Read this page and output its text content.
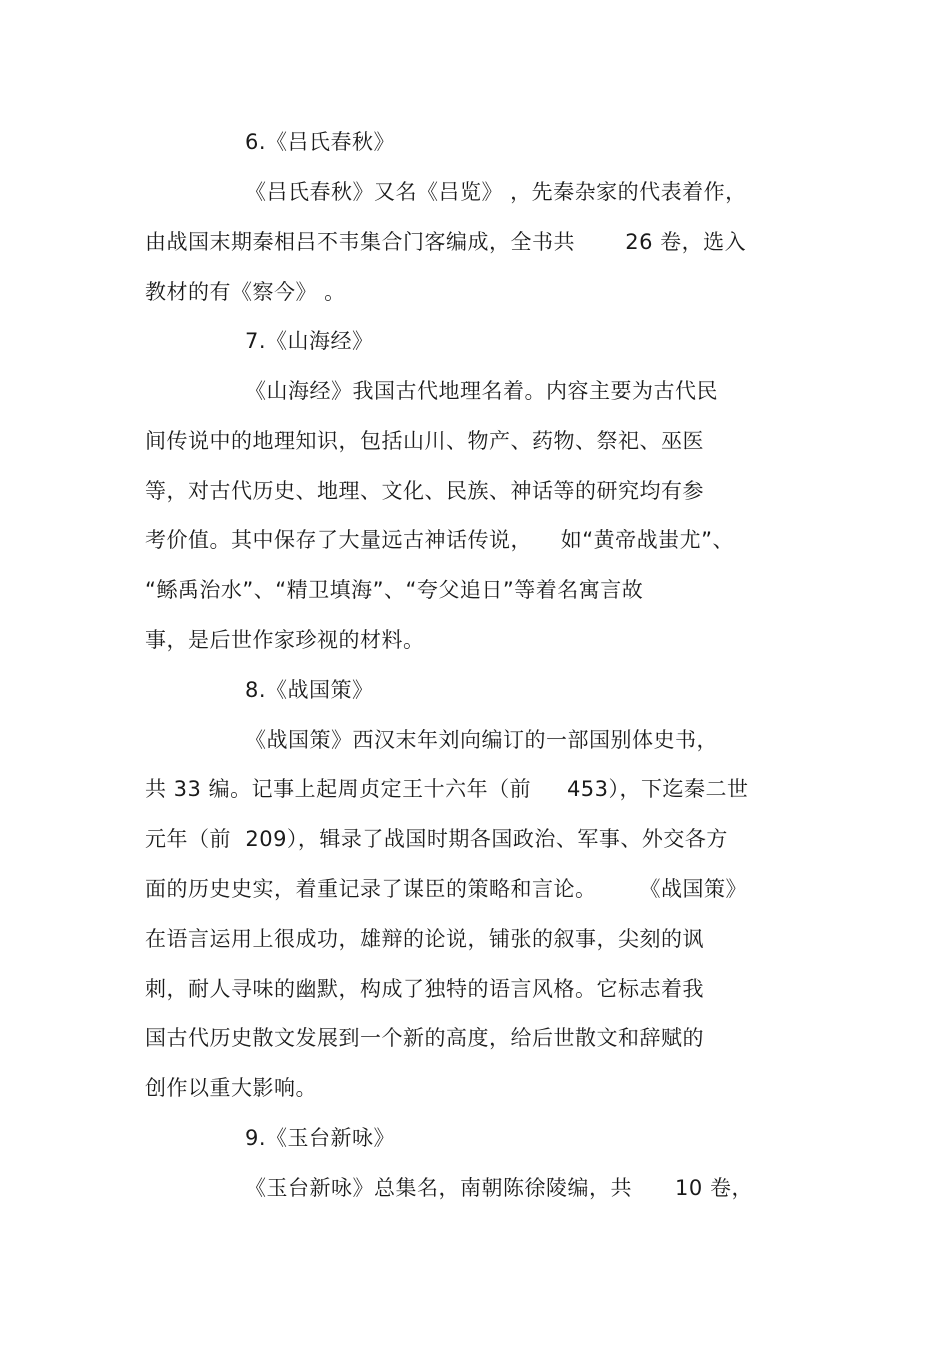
6.《吕氏春秋》
《吕氏春秋》又名《吕览》 ，先秦杂家的代表着作，
由战国末期秦相吕不韦集合门客编成，全书共       26 卷，选入
教材的有《察今》 。
7.《山海经》
《山海经》我国古代地理名着。内容主要为古代民
间传说中的地理知识，包括山川、物产、药物、祭祀、巫医
等，对古代历史、地理、文化、民族、神话等的研究均有参
考价值。其中保存了大量远古神话传说，    如“黄帝战蚩尤”、
“鲧禹治水”、“精卫填海”、“夸父追日”等着名寓言故
事，是后世作家珍视的材料。
8.《战国策》
《战国策》西汉末年刘向编订的一部国别体史书，
共 33 编。记事上起周贞定王十六年（前     453），下迄秦二世
元年（前  209），辑录了战国时期各国政治、军事、外交各方
面的历史史实，着重记录了谋臣的策略和言论。      《战国策》
在语言运用上很成功，雄辩的论说，铺张的叙事，尖刻的讽
刺，耐人寻味的幽默，构成了独特的语言风格。它标志着我
国古代历史散文发展到一个新的高度，给后世散文和辞赋的
创作以重大影响。
9.《玉台新咏》
《玉台新咏》总集名，南朝陈徐陵编，共      10 卷，
